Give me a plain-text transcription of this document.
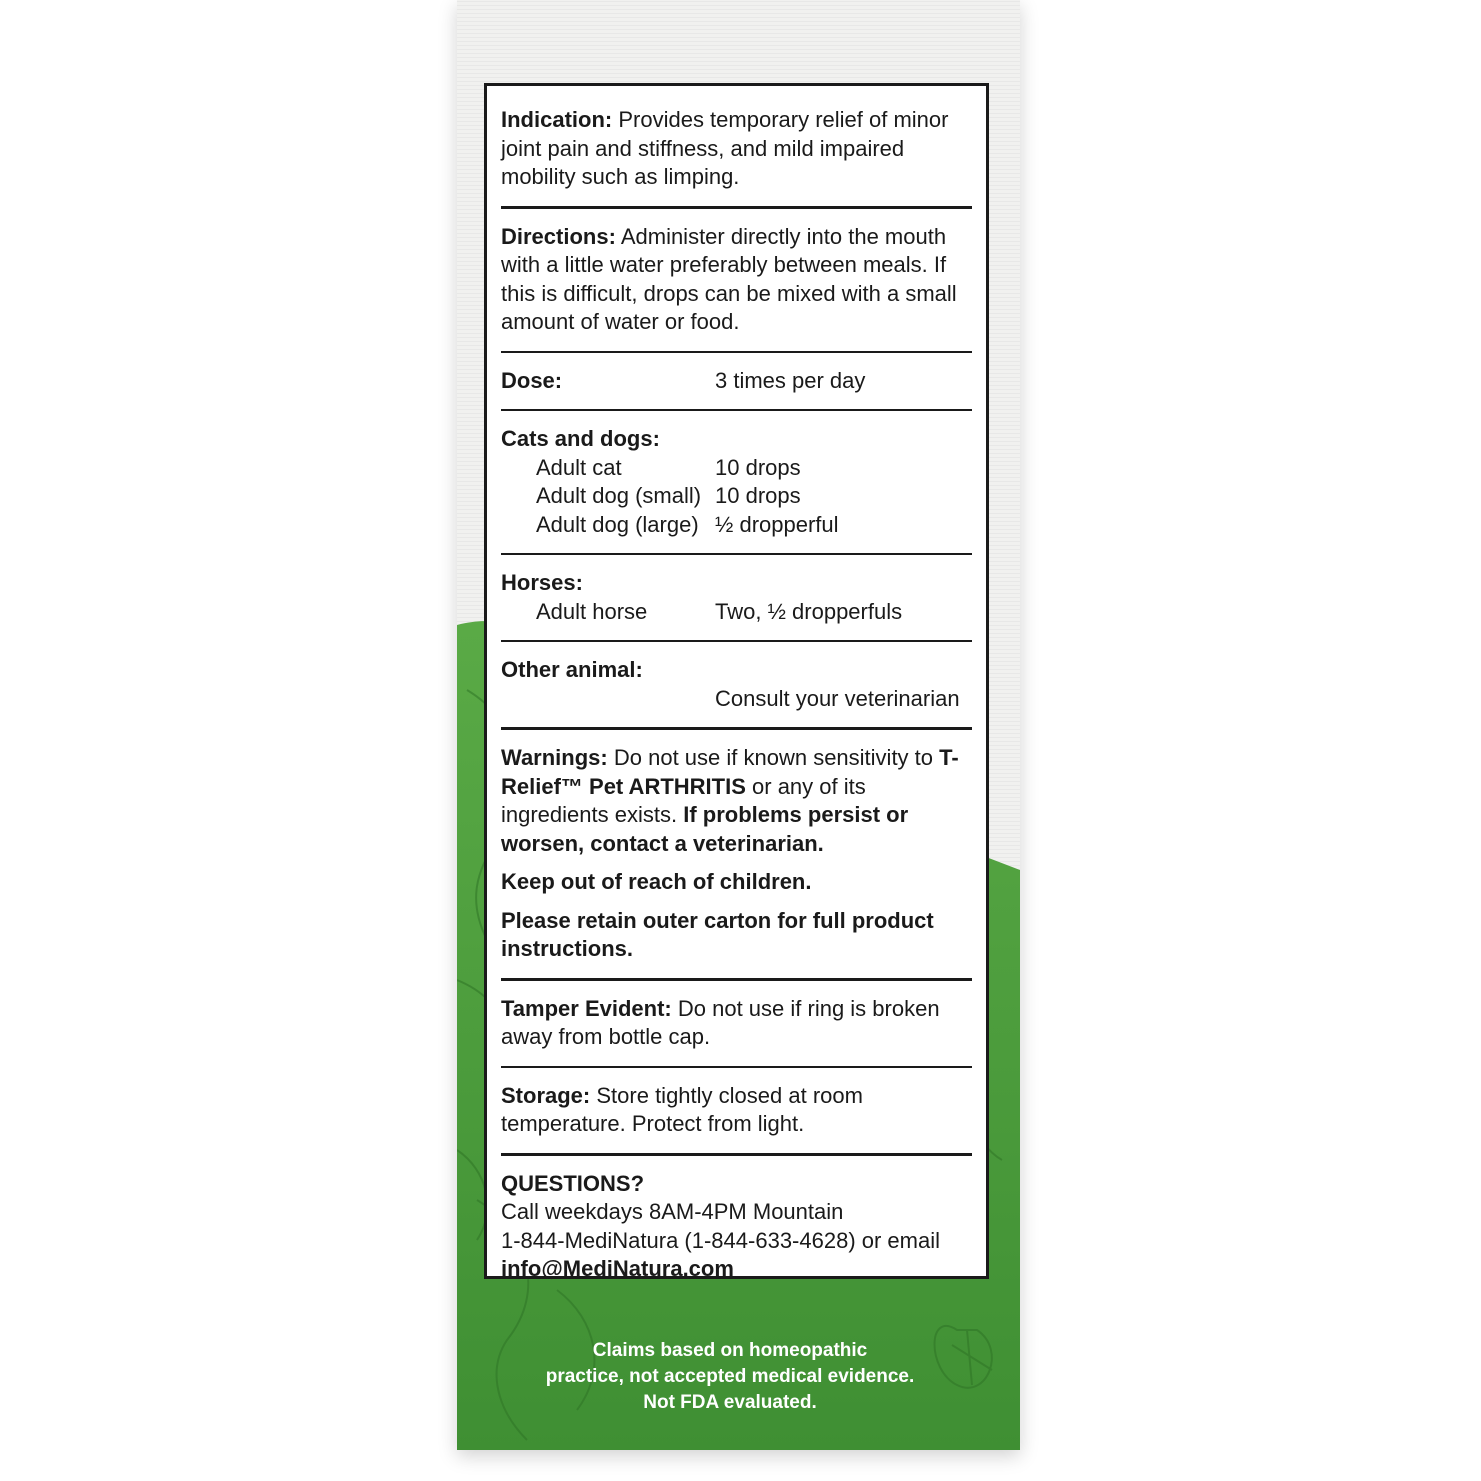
Indication: Provides temporary relief of minor joint pain and stiffness, and mild impaired mobility such as limping.
Directions: Administer directly into the mouth with a little water preferably between meals. If this is difficult, drops can be mixed with a small amount of water or food.
Dose:	3 times per day
Cats and dogs:
Adult cat	10 drops
Adult dog (small) 10 drops
Adult dog (large) ½ dropperful
Horses:
Adult horse	Two, ½ dropperfuls
Other animal:
Consult your veterinarian
Warnings: Do not use if known sensitivity to T-Relief™ Pet ARTHRITIS or any of its ingredients exists. If problems persist or worsen, contact a veterinarian.
Keep out of reach of children.
Please retain outer carton for full product instructions.
Tamper Evident: Do not use if ring is broken away from bottle cap.
Storage: Store tightly closed at room temperature. Protect from light.
QUESTIONS?
Call weekdays 8AM-4PM Mountain
1-844-MediNatura (1-844-633-4628) or email
info@MediNatura.com
Claims based on homeopathic
practice, not accepted medical evidence.
Not FDA evaluated.
